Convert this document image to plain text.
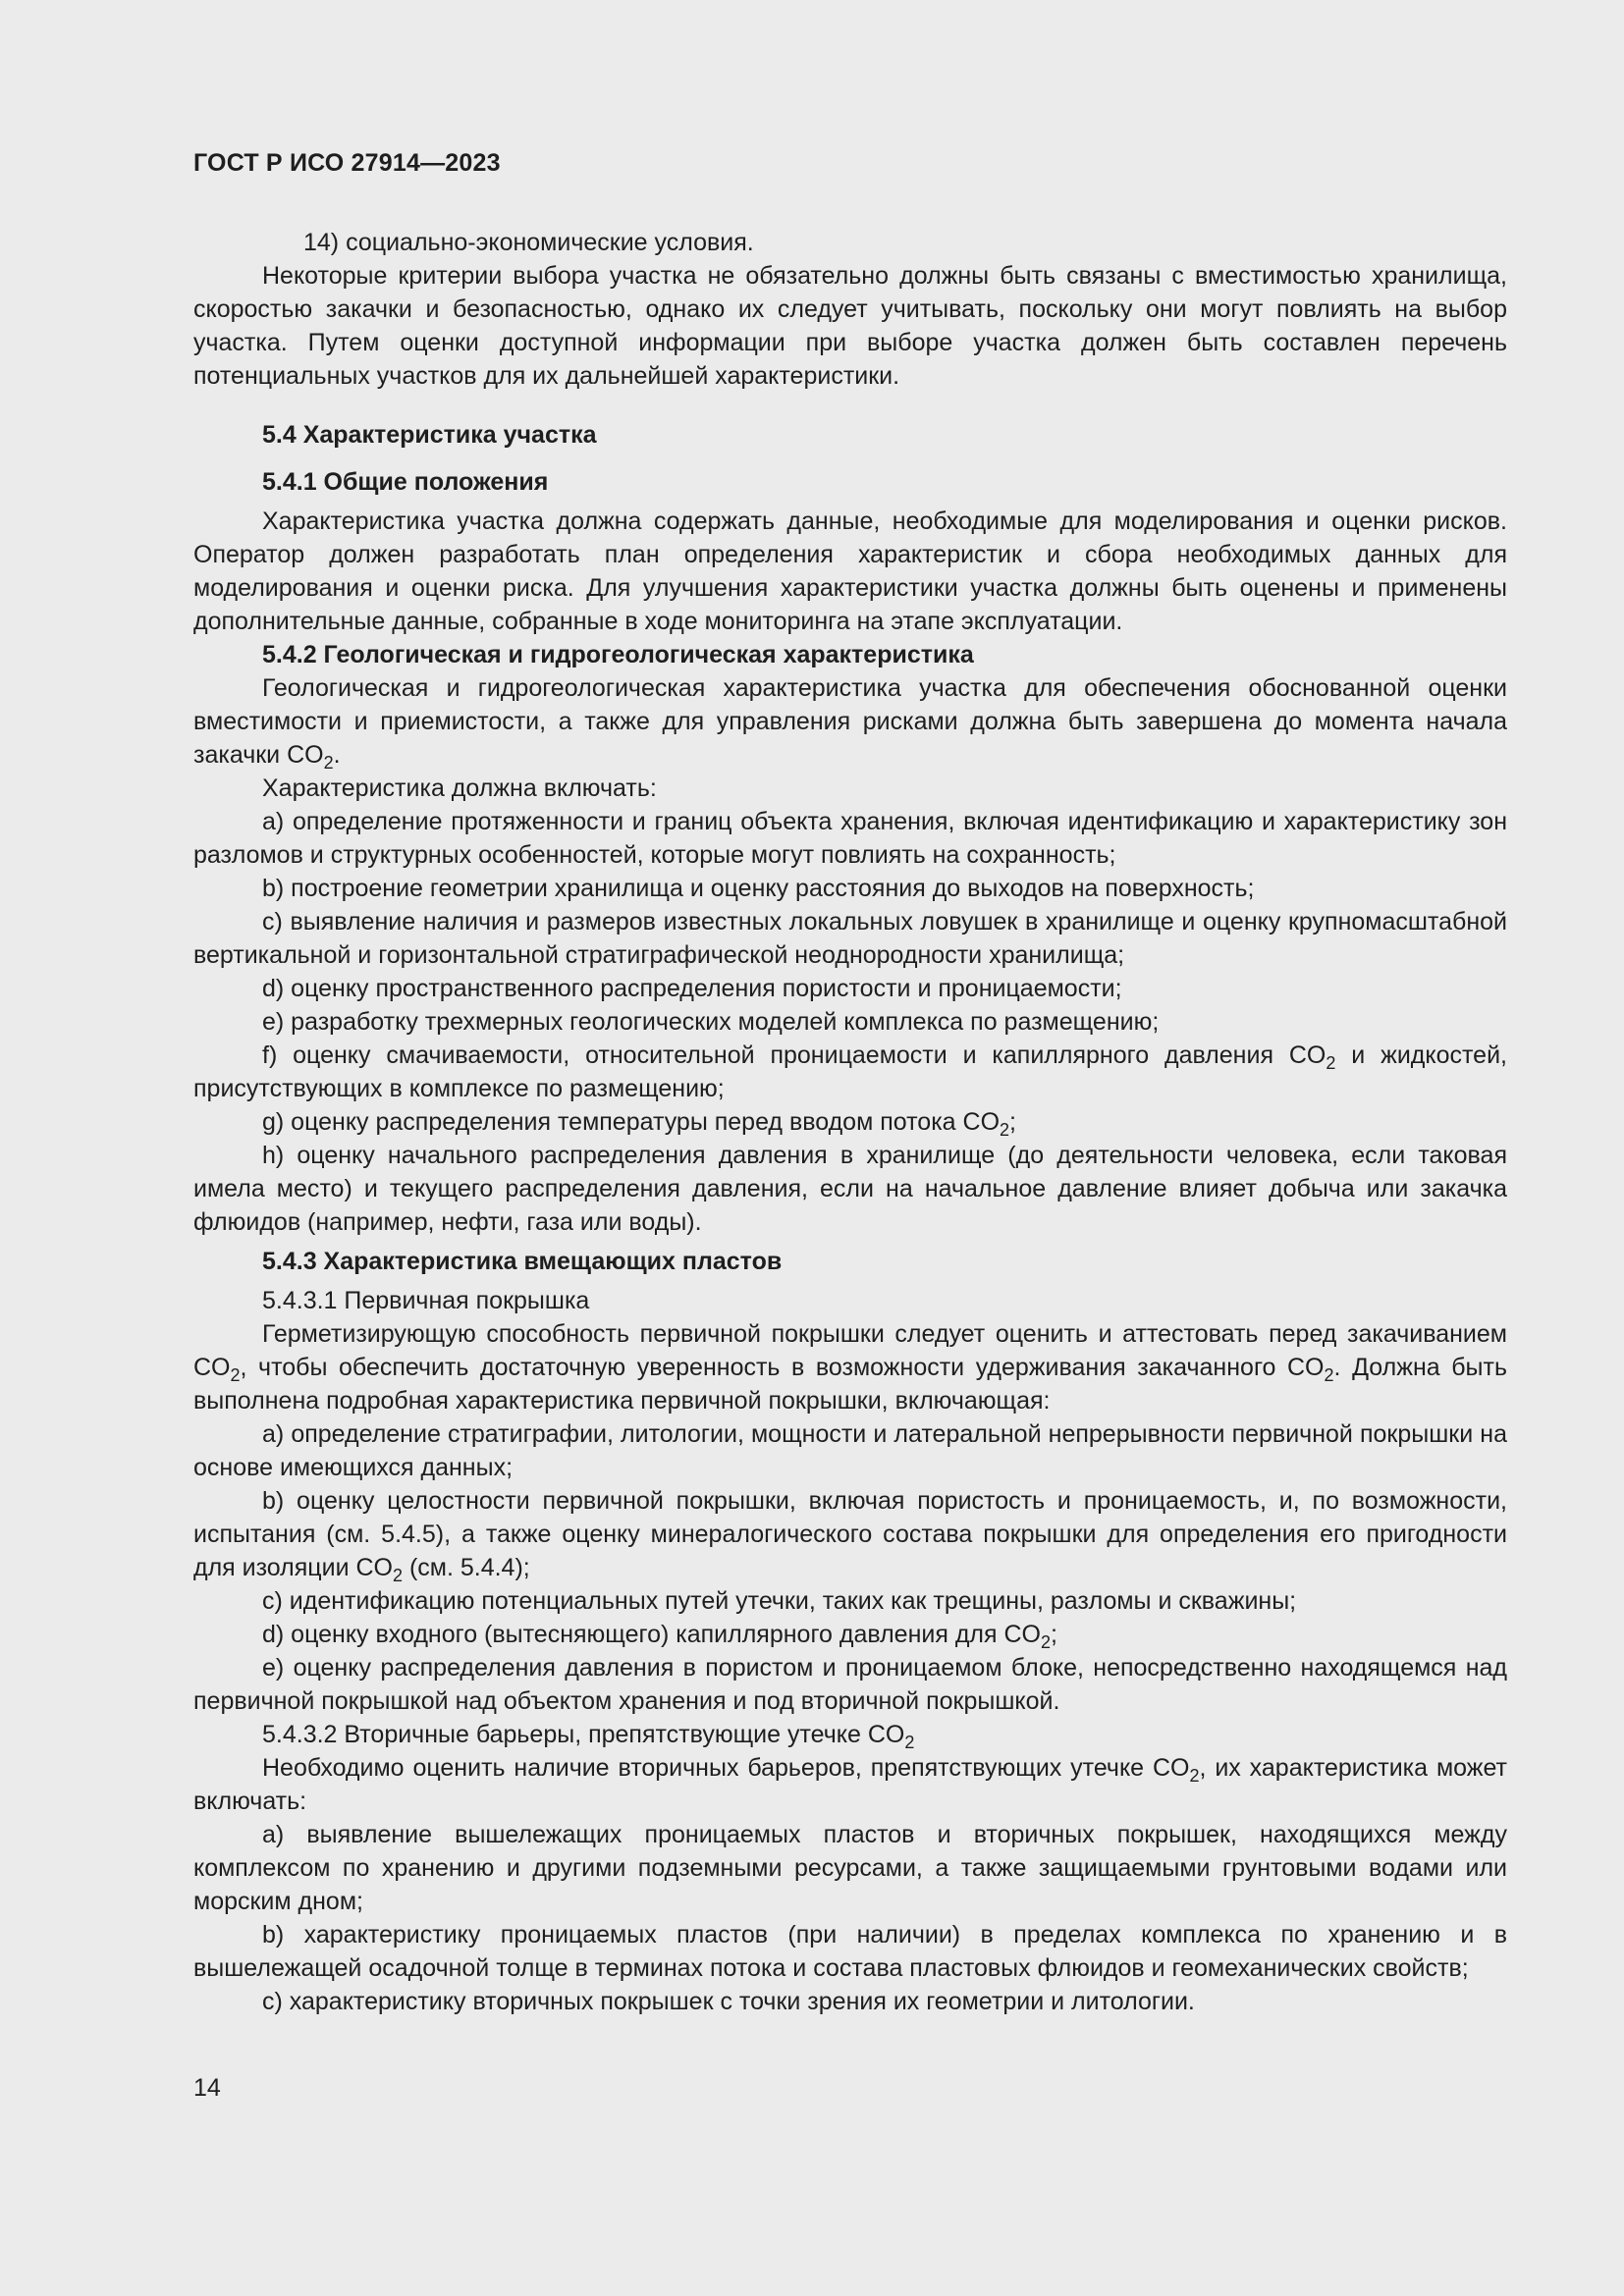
ГОСТ Р ИСО 27914—2023

14) социально-экономические условия.

Некоторые критерии выбора участка не обязательно должны быть связаны с вместимостью хранилища, скоростью закачки и безопасностью, однако их следует учитывать, поскольку они могут повлиять на выбор участка. Путем оценки доступной информации при выборе участка должен быть составлен перечень потенциальных участков для их дальнейшей характеристики.

5.4 Характеристика участка
5.4.1 Общие положения

Характеристика участка должна содержать данные, необходимые для моделирования и оценки рисков. Оператор должен разработать план определения характеристик и сбора необходимых данных для моделирования и оценки риска. Для улучшения характеристики участка должны быть оценены и применены дополнительные данные, собранные в ходе мониторинга на этапе эксплуатации.

5.4.2 Геологическая и гидрогеологическая характеристика

Геологическая и гидрогеологическая характеристика участка для обеспечения обоснованной оценки вместимости и приемистости, а также для управления рисками должна быть завершена до момента начала закачки $CO_2$.

Характеристика должна включать:

a) определение протяженности и границ объекта хранения, включая идентификацию и характеристику зон разломов и структурных особенностей, которые могут повлиять на сохранность;

b) построение геометрии хранилища и оценку расстояния до выходов на поверхность;

c) выявление наличия и размеров известных локальных ловушек в хранилище и оценку крупномасштабной вертикальной и горизонтальной стратиграфической неоднородности хранилища;

d) оценку пространственного распределения пористости и проницаемости;

e) разработку трехмерных геологических моделей комплекса по размещению;

f) оценку смачиваемости, относительной проницаемости и капиллярного давления $CO_2$ и жидкостей, присутствующих в комплексе по размещению;

g) оценку распределения температуры перед вводом потока $CO_2$;

h) оценку начального распределения давления в хранилище (до деятельности человека, если таковая имела место) и текущего распределения давления, если на начальное давление влияет добыча или закачка флюидов (например, нефти, газа или воды).

5.4.3 Характеристика вмещающих пластов

5.4.3.1 Первичная покрышка

Герметизирующую способность первичной покрышки следует оценить и аттестовать перед закачиванием $CO_2$, чтобы обеспечить достаточную уверенность в возможности удерживания закачанного $CO_2$. Должна быть выполнена подробная характеристика первичной покрышки, включающая:

a) определение стратиграфии, литологии, мощности и латеральной непрерывности первичной покрышки на основе имеющихся данных;

b) оценку целостности первичной покрышки, включая пористость и проницаемость, и, по возможности, испытания (см. 5.4.5), а также оценку минералогического состава покрышки для определения его пригодности для изоляции $CO_2$ (см. 5.4.4);

c) идентификацию потенциальных путей утечки, таких как трещины, разломы и скважины;

d) оценку входного (вытесняющего) капиллярного давления для $CO_2$;

e) оценку распределения давления в пористом и проницаемом блоке, непосредственно находящемся над первичной покрышкой над объектом хранения и под вторичной покрышкой.

5.4.3.2 Вторичные барьеры, препятствующие утечке $CO_2$

Необходимо оценить наличие вторичных барьеров, препятствующих утечке $CO_2$, их характеристика может включать:

a) выявление вышележащих проницаемых пластов и вторичных покрышек, находящихся между комплексом по хранению и другими подземными ресурсами, а также защищаемыми грунтовыми водами или морским дном;

b) характеристику проницаемых пластов (при наличии) в пределах комплекса по хранению и в вышележащей осадочной толще в терминах потока и состава пластовых флюидов и геомеханических свойств;

c) характеристику вторичных покрышек с точки зрения их геометрии и литологии.

14
